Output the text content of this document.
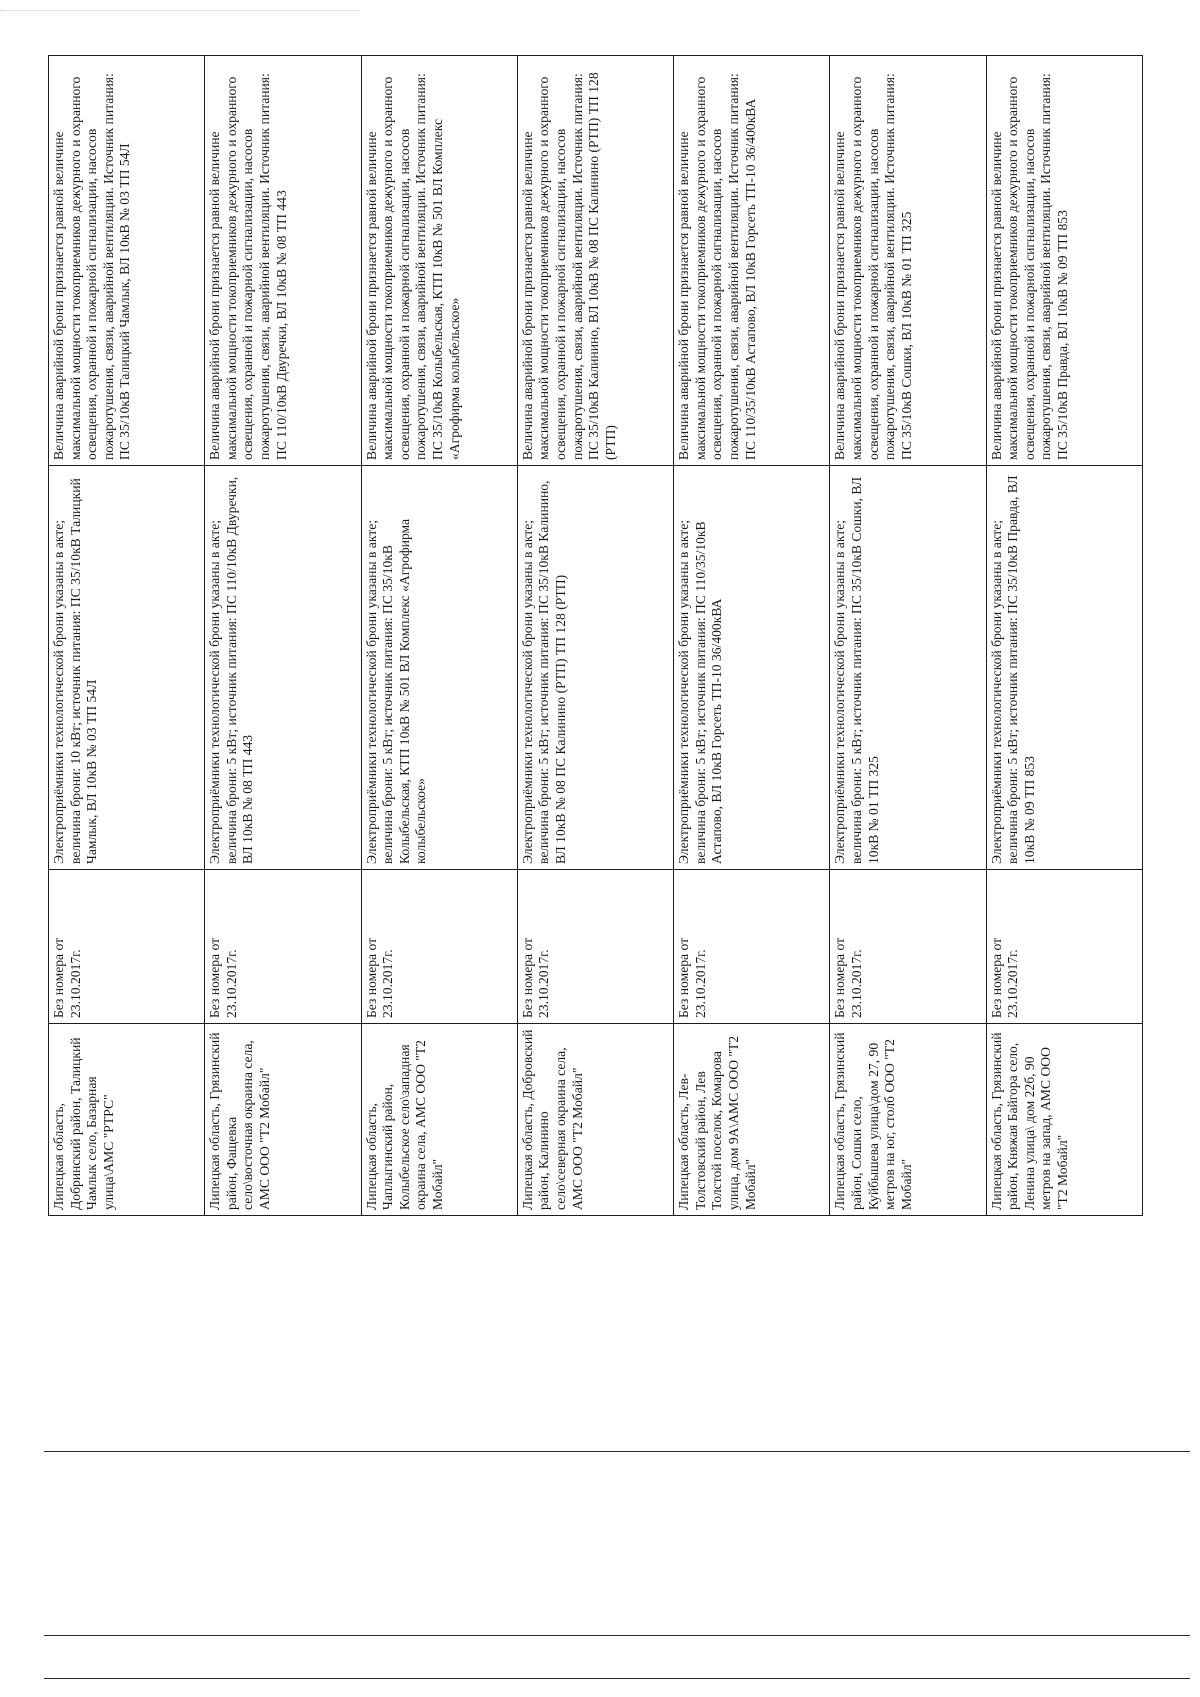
Липецкая область, Добринский район, Талицкий Чамлык село, Базарная улица\АМС "РТРС"	Без номера от 23.10.2017г.	Электроприёмники технологической брони указаны в акте; величина брони: 10 кВт; источник питания: ПС 35/10кВ Талицкий Чамлык, ВЛ 10кВ № 03 ТП 54Л	Величина аварийной брони признается равной величине максимальной мощности токоприемников дежурного и охранного освещения, охранной и пожарной сигнализации, насосов пожаротушения, связи, аварийной вентиляции. Источник питания: ПС 35/10кВ Талицкий Чамлык, ВЛ 10кВ № 03 ТП 54Л
Липецкая область, Грязинский район, Фащевка село\восточная окраина села, АМС ООО "Т2 Мобайл"	Без номера от 23.10.2017г.	Электроприёмники технологической брони указаны в акте; величина брони: 5 кВт; источник питания: ПС 110/10кВ Двуречки, ВЛ 10кВ № 08 ТП 443	Величина аварийной брони признается равной величине максимальной мощности токоприемников дежурного и охранного освещения, охранной и пожарной сигнализации, насосов пожаротушения, связи, аварийной вентиляции. Источник питания: ПС 110/10кВ Двуречки, ВЛ 10кВ № 08 ТП 443
Липецкая область, Чаплыгинский район, Колыбельское село\западная окраина села, АМС ООО "Т2 Мобайл"	Без номера от 23.10.2017г.	Электроприёмники технологической брони указаны в акте; величина брони: 5 кВт; источник питания: ПС 35/10кВ Колыбельская, КТП 10кВ № 501 ВЛ Комплекс «Агрофирма колыбельское»	Величина аварийной брони признается равной величине максимальной мощности токоприемников дежурного и охранного освещения, охранной и пожарной сигнализации, насосов пожаротушения, связи, аварийной вентиляции. Источник питания: ПС 35/10кВ Колыбельская, КТП 10кВ № 501 ВЛ Комплекс «Агрофирма колыбельское»
Липецкая область, Добровский район, Калинино село\северная окраина села, АМС ООО "Т2 Мобайл"	Без номера от 23.10.2017г.	Электроприёмники технологической брони указаны в акте; величина брони: 5 кВт; источник питания: ПС 35/10кВ Калинино, ВЛ 10кВ № 08 ПС Калинино (РТП) ТП 128 (РТП)	Величина аварийной брони признается равной величине максимальной мощности токоприемников дежурного и охранного освещения, охранной и пожарной сигнализации, насосов пожаротушения, связи, аварийной вентиляции. Источник питания: ПС 35/10кВ Калинино, ВЛ 10кВ № 08 ПС Калинино (РТП) ТП 128 (РТП)
Липецкая область, Лев-Толстовский район, Лев Толстой поселок, Комарова улица, дом 9А\АМС ООО "Т2 Мобайл"	Без номера от 23.10.2017г.	Электроприёмники технологической брони указаны в акте; величина брони: 5 кВт; источник питания: ПС 110/35/10кВ Астапово, ВЛ 10кВ Горсеть ТП-10 36/400кВА	Величина аварийной брони признается равной величине максимальной мощности токоприемников дежурного и охранного освещения, охранной и пожарной сигнализации, насосов пожаротушения, связи, аварийной вентиляции. Источник питания: ПС 110/35/10кВ Астапово, ВЛ 10кВ Горсеть ТП-10 36/400кВА
Липецкая область, Грязинский район, Сошки село, Куйбышева улица\дом 27, 90 метров на юг, столб ООО "Т2 Мобайл"	Без номера от 23.10.2017г.	Электроприёмники технологической брони указаны в акте; величина брони: 5 кВт; источник питания: ПС 35/10кВ Сошки, ВЛ 10кВ № 01 ТП 325	Величина аварийной брони признается равной величине максимальной мощности токоприемников дежурного и охранного освещения, охранной и пожарной сигнализации, насосов пожаротушения, связи, аварийной вентиляции. Источник питания: ПС 35/10кВ Сошки, ВЛ 10кВ № 01 ТП 325
Липецкая область, Грязинский район, Княжая Байгора село, Ленина улица\ дом 22б, 90 метров на запад, АМС ООО "Т2 Мобайл"	Без номера от 23.10.2017г.	Электроприёмники технологической брони указаны в акте; величина брони: 5 кВт; источник питания: ПС 35/10кВ Правда, ВЛ 10кВ № 09 ТП 853	Величина аварийной брони признается равной величине максимальной мощности токоприемников дежурного и охранного освещения, охранной и пожарной сигнализации, насосов пожаротушения, связи, аварийной вентиляции. Источник питания: ПС 35/10кВ Правда, ВЛ 10кВ № 09 ТП 853
